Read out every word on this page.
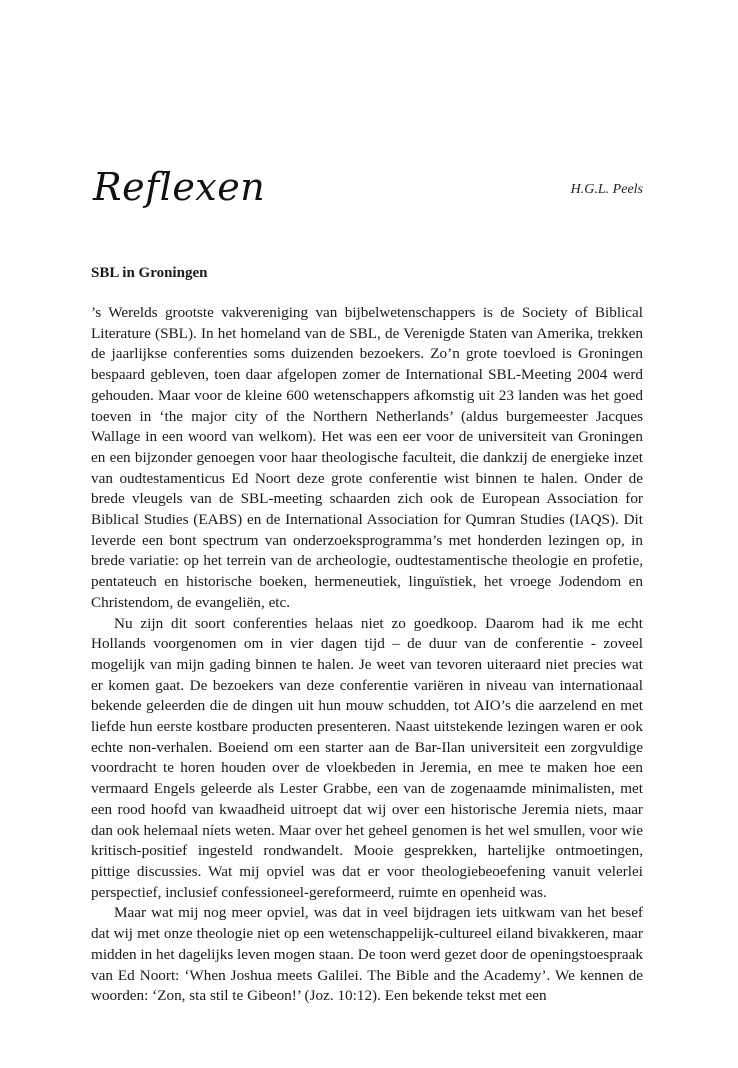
Reflexen	H.G.L. Peels
SBL in Groningen

’s Werelds grootste vakvereniging van bijbelwetenschappers is de Society of Biblical Literature (SBL). In het homeland van de SBL, de Verenigde Staten van Amerika, trekken de jaarlijkse conferenties soms duizenden bezoekers. Zo’n grote toevloed is Groningen bespaard gebleven, toen daar afgelopen zomer de International SBL-Meeting 2004 werd gehouden. Maar voor de kleine 600 wetenschappers afkomstig uit 23 landen was het goed toeven in ‘the major city of the Northern Netherlands’ (aldus burgemeester Jacques Wallage in een woord van welkom). Het was een eer voor de universiteit van Groningen en een bijzonder genoegen voor haar theologische faculteit, die dankzij de energieke inzet van oudtestamenticus Ed Noort deze grote conferentie wist binnen te halen. Onder de brede vleugels van de SBL-meeting schaarden zich ook de European Association for Biblical Studies (EABS) en de International Association for Qumran Studies (IAQS). Dit leverde een bont spectrum van onderzoeksprogramma’s met honderden lezingen op, in brede variatie: op het terrein van de archeologie, oudtestamentische theologie en profetie, pentateuch en historische boeken, hermeneutiek, linguïstiek, het vroege Jodendom en Christendom, de evangeliën, etc.

Nu zijn dit soort conferenties helaas niet zo goedkoop. Daarom had ik me echt Hollands voorgenomen om in vier dagen tijd – de duur van de conferentie - zoveel mogelijk van mijn gading binnen te halen. Je weet van tevoren uiteraard niet precies wat er komen gaat. De bezoekers van deze conferentie variëren in niveau van internationaal bekende geleerden die de dingen uit hun mouw schudden, tot AIO’s die aarzelend en met liefde hun eerste kostbare producten presenteren. Naast uitstekende lezingen waren er ook echte non-verhalen. Boeiend om een starter aan de Bar-Ilan universiteit een zorgvuldige voordracht te horen houden over de vloekbeden in Jeremia, en mee te maken hoe een vermaard Engels geleerde als Lester Grabbe, een van de zogenaamde minimalisten, met een rood hoofd van kwaadheid uitroept dat wij over een historische Jeremia niets, maar dan ook helemaal níets weten. Maar over het geheel genomen is het wel smullen, voor wie kritisch-positief ingesteld rondwandelt. Mooie gesprekken, hartelijke ontmoetingen, pittige discussies. Wat mij opviel was dat er voor theologiebeoefening vanuit velerlei perspectief, inclusief confessioneel-gereformeerd, ruimte en openheid was.

Maar wat mij nog meer opviel, was dat in veel bijdragen iets uitkwam van het besef dat wij met onze theologie niet op een wetenschappelijk-cultureel eiland bivakkeren, maar midden in het dagelijks leven mogen staan. De toon werd gezet door de openingstoespraak van Ed Noort: ‘When Joshua meets Galilei. The Bible and the Academy’. We kennen de woorden: ‘Zon, sta stil te Gibeon!’ (Joz. 10:12). Een bekende tekst met een
